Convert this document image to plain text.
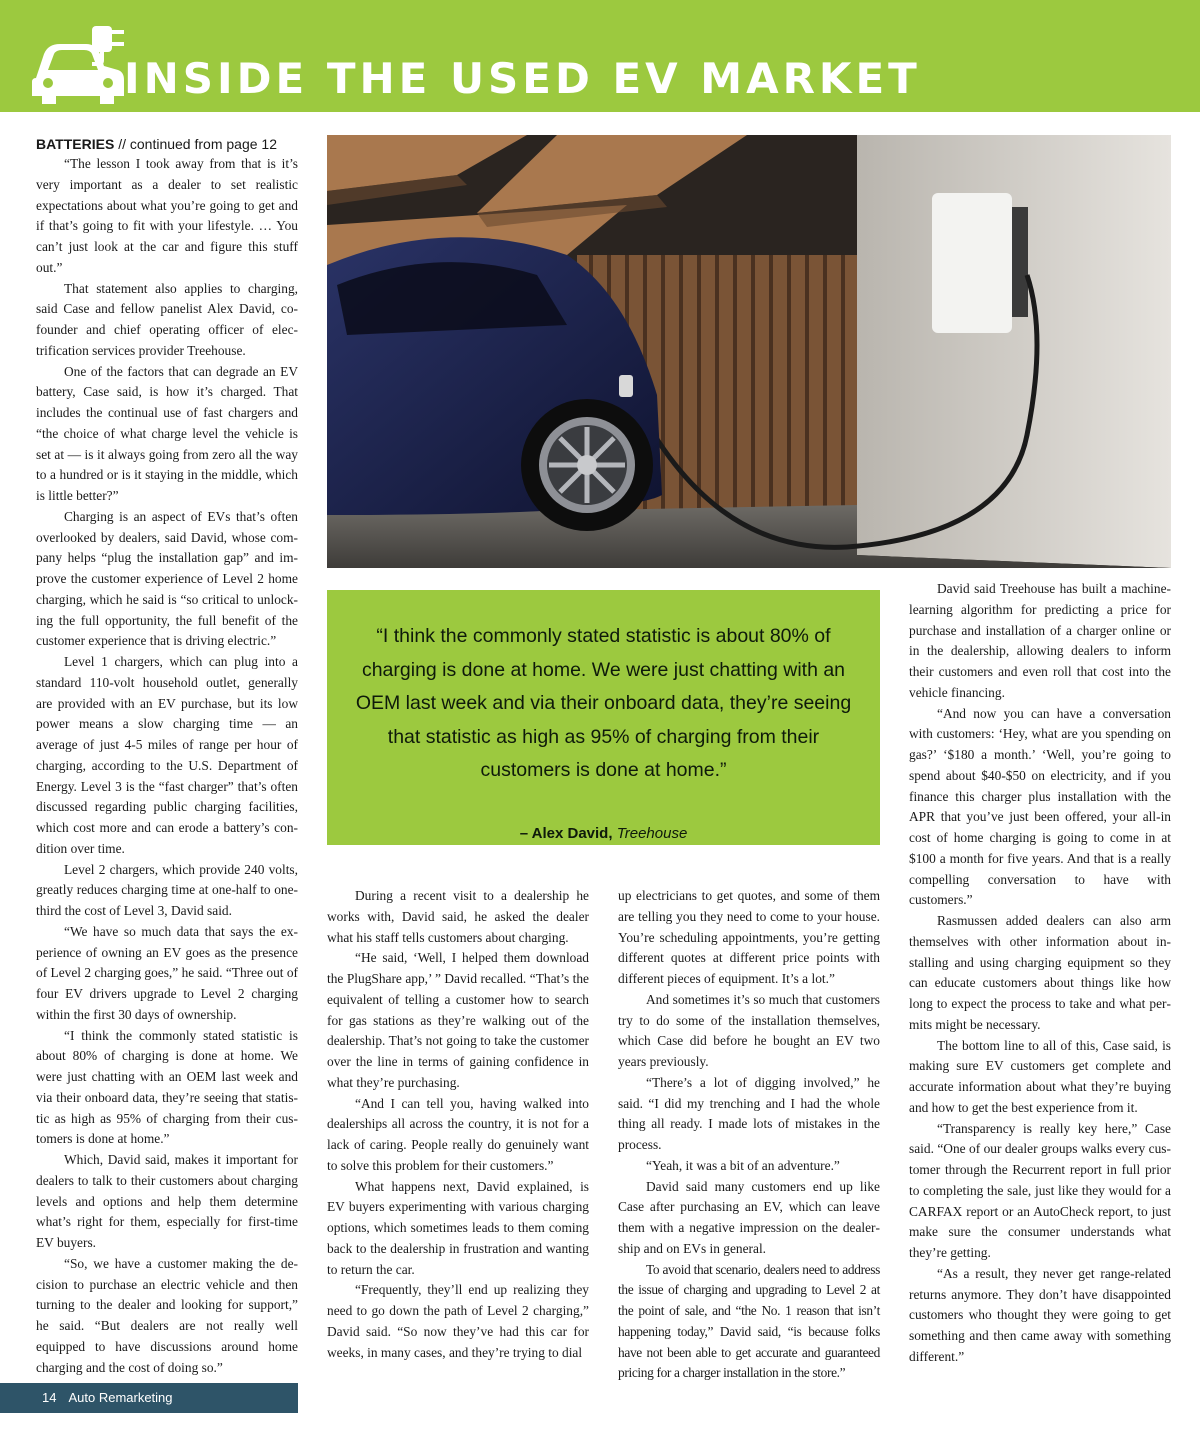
INSIDE THE USED EV MARKET

BATTERIES // continued from page 12

“The lesson I took away from that is it’s very important as a dealer to set realistic expectations about what you’re going to get and if that’s going to fit with your lifestyle. … You can’t just look at the car and figure this stuff out.”

That statement also applies to charging, said Case and fellow panelist Alex David, co-founder and chief operating officer of electrification services provider Treehouse.

One of the factors that can degrade an EV battery, Case said, is how it’s charged. That includes the continual use of fast chargers and “the choice of what charge level the vehicle is set at — is it always going from zero all the way to a hundred or is it staying in the middle, which is little better?”

Charging is an aspect of EVs that’s often overlooked by dealers, said David, whose company helps “plug the installation gap” and improve the customer experience of Level 2 home charging, which he said is “so critical to unlocking the full opportunity, the full benefit of the customer experience that is driving electric.”

Level 1 chargers, which can plug into a standard 110-volt household outlet, generally are provided with an EV purchase, but its low power means a slow charging time — an average of just 4-5 miles of range per hour of charging, according to the U.S. Department of Energy. Level 3 is the “fast charger” that’s often discussed regarding public charging facilities, which cost more and can erode a battery’s condition over time.

Level 2 chargers, which provide 240 volts, greatly reduces charging time at one-half to one-third the cost of Level 3, David said.

“We have so much data that says the experience of owning an EV goes as the presence of Level 2 charging goes,” he said. “Three out of four EV drivers upgrade to Level 2 charging within the first 30 days of ownership.

“I think the commonly stated statistic is about 80% of charging is done at home. We were just chatting with an OEM last week and via their onboard data, they’re seeing that statistic as high as 95% of charging from their customers is done at home.”

Which, David said, makes it important for dealers to talk to their customers about charging levels and options and help them determine what’s right for them, especially for first-time EV buyers.

“So, we have a customer making the decision to purchase an electric vehicle and then turning to the dealer and looking for support,” he said. “But dealers are not really well equipped to have discussions around home charging and the cost of doing so.”

“I think the commonly stated statistic is about 80% of charging is done at home. We were just chatting with an OEM last week and via their onboard data, they’re seeing that statistic as high as 95% of charging from their customers is done at home.”

– Alex David, Treehouse

During a recent visit to a dealership he works with, David said, he asked the dealer what his staff tells customers about charging.

“He said, ‘Well, I helped them download the PlugShare app,’ ” David recalled. “That’s the equivalent of telling a customer how to search for gas stations as they’re walking out of the dealership. That’s not going to take the customer over the line in terms of gaining confidence in what they’re purchasing.

“And I can tell you, having walked into dealerships all across the country, it is not for a lack of caring. People really do genuinely want to solve this problem for their customers.”

What happens next, David explained, is EV buyers experimenting with various charging options, which sometimes leads to them coming back to the dealership in frustration and wanting to return the car.

“Frequently, they’ll end up realizing they need to go down the path of Level 2 charging,” David said. “So now they’ve had this car for weeks, in many cases, and they’re trying to dial

up electricians to get quotes, and some of them are telling you they need to come to your house. You’re scheduling appointments, you’re getting different quotes at different price points with different pieces of equipment. It’s a lot.”

And sometimes it’s so much that customers try to do some of the installation themselves, which Case did before he bought an EV two years previously.

“There’s a lot of digging involved,” he said. “I did my trenching and I had the whole thing all ready. I made lots of mistakes in the process.

“Yeah, it was a bit of an adventure.”

David said many customers end up like Case after purchasing an EV, which can leave them with a negative impression on the dealership and on EVs in general.

To avoid that scenario, dealers need to address the issue of charging and upgrading to Level 2 at the point of sale, and “the No. 1 reason that isn’t happening today,” David said, “is because folks have not been able to get accurate and guaranteed pricing for a charger installation in the store.”

David said Treehouse has built a machine-learning algorithm for predicting a price for purchase and installation of a charger online or in the dealership, allowing dealers to inform their customers and even roll that cost into the vehicle financing.

“And now you can have a conversation with customers: ‘Hey, what are you spending on gas?’ ‘$180 a month.’ ‘Well, you’re going to spend about $40-$50 on electricity, and if you finance this charger plus installation with the APR that you’ve just been offered, your all-in cost of home charging is going to come in at $100 a month for five years. And that is a really compelling conversation to have with customers.”

Rasmussen added dealers can also arm themselves with other information about installing and using charging equipment so they can educate customers about things like how long to expect the process to take and what permits might be necessary.

The bottom line to all of this, Case said, is making sure EV customers get complete and accurate information about what they’re buying and how to get the best experience from it.

“Transparency is really key here,” Case said. “One of our dealer groups walks every customer through the Recurrent report in full prior to completing the sale, just like they would for a CARFAX report or an AutoCheck report, to just make sure the consumer understands what they’re getting.

“As a result, they never get range-related returns anymore. They don’t have disappointed customers who thought they were going to get something and then came away with something different.”

14 Auto Remarketing
